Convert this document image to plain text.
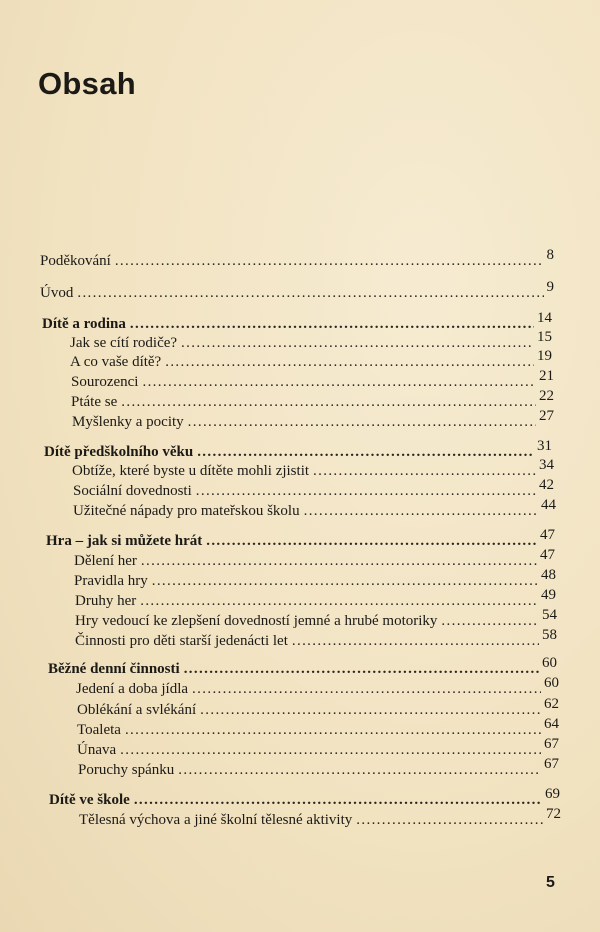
Obsah
Poděkování . . .	8
Úvod . . .	9
Dítě a rodina . . .	14
Jak se cítí rodiče? . . .	15
A co vaše dítě? . . .	19
Sourozenci . . .	21
Ptáte se . . .	22
Myšlenky a pocity . . .	27
Dítě předškolního věku . . .	31
Obtíže, které byste u dítěte mohli zjistit . . .	34
Sociální dovednosti . . .	42
Užitečné nápady pro mateřskou školu . . .	44
Hra – jak si můžete hrát . . .	47
Dělení her . . .	47
Pravidla hry . . .	48
Druhy her . . .	49
Hry vedoucí ke zlepšení dovedností jemné a hrubé motoriky . . .	54
Činnosti pro děti starší jedenácti let . . .	58
Běžné denní činnosti . . .	60
Jedení a doba jídla . . .	60
Oblékání a svlékání . . .	62
Toaleta . . .	64
Únava . . .	67
Poruchy spánku . . .	67
Dítě ve škole . . .	69
Tělesná výchova a jiné školní tělesné aktivity . . .	72
5
